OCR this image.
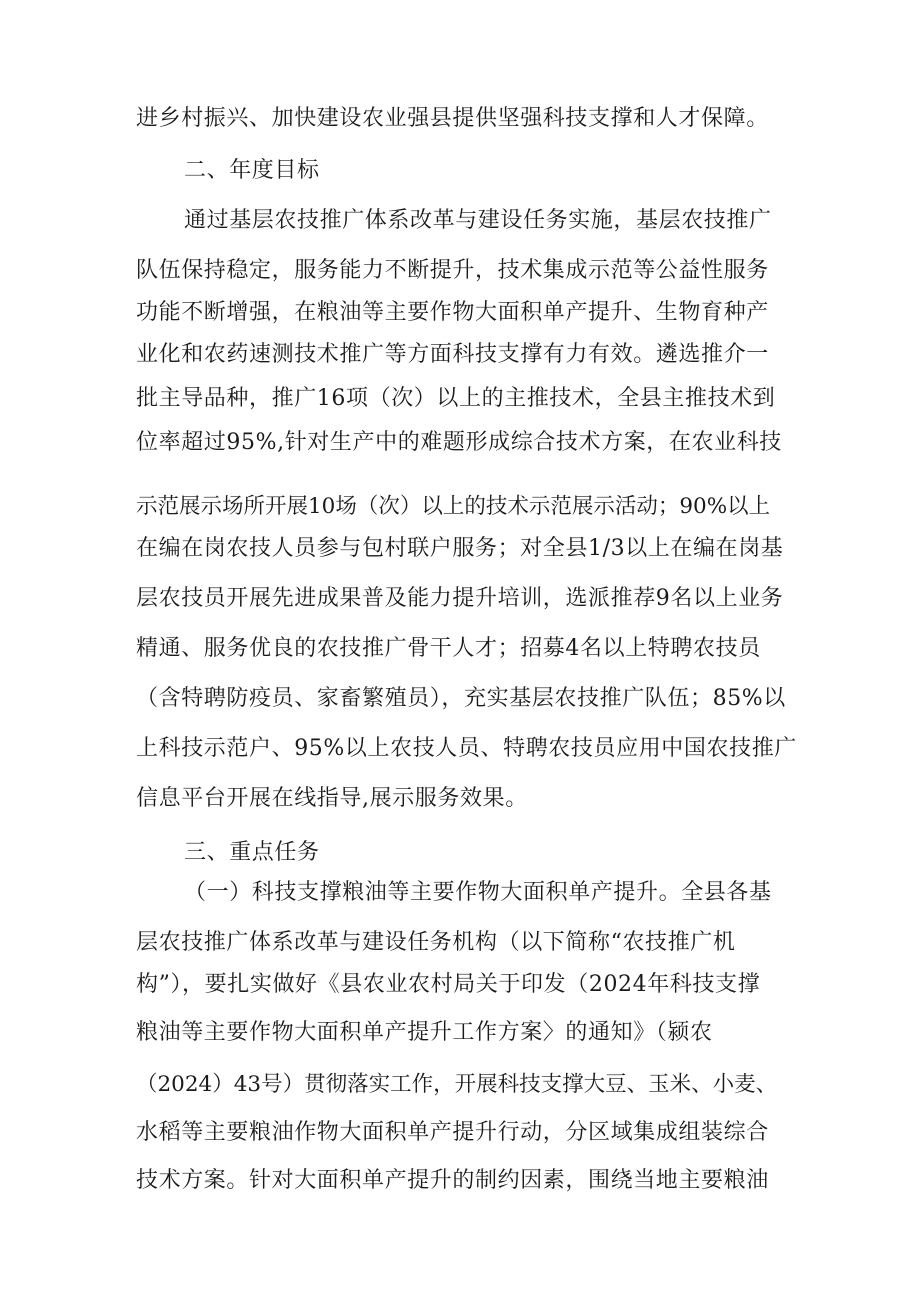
进乡村振兴、加快建设农业强县提供坚强科技支撑和人才保障。

二、年度目标

通过基层农技推广体系改革与建设任务实施，基层农技推广

队伍保持稳定，服务能力不断提升，技术集成示范等公益性服务

功能不断增强，在粮油等主要作物大面积单产提升、生物育种产

业化和农药速测技术推广等方面科技支撑有力有效。遴选推介一

批主导品种，推广16项（次）以上的主推技术，全县主推技术到

位率超过95%,针对生产中的难题形成综合技术方案，在农业科技

示范展示场所开展10场（次）以上的技术示范展示活动；90%以上

在编在岗农技人员参与包村联户服务；对全县1/3以上在编在岗基

层农技员开展先进成果普及能力提升培训，选派推荐9名以上业务

精通、服务优良的农技推广骨干人才；招募4名以上特聘农技员

（含特聘防疫员、家畜繁殖员），充实基层农技推广队伍；85%以

上科技示范户、95%以上农技人员、特聘农技员应用中国农技推广

信息平台开展在线指导,展示服务效果。

三、重点任务

（一）科技支撑粮油等主要作物大面积单产提升。全县各基

层农技推广体系改革与建设任务机构（以下简称“农技推广机

构”），要扎实做好《县农业农村局关于印发（2024年科技支撑

粮油等主要作物大面积单产提升工作方案〉的通知》（颍农

（2024）43号）贯彻落实工作，开展科技支撑大豆、玉米、小麦、

水稻等主要粮油作物大面积单产提升行动，分区域集成组装综合

技术方案。针对大面积单产提升的制约因素，围绕当地主要粮油
